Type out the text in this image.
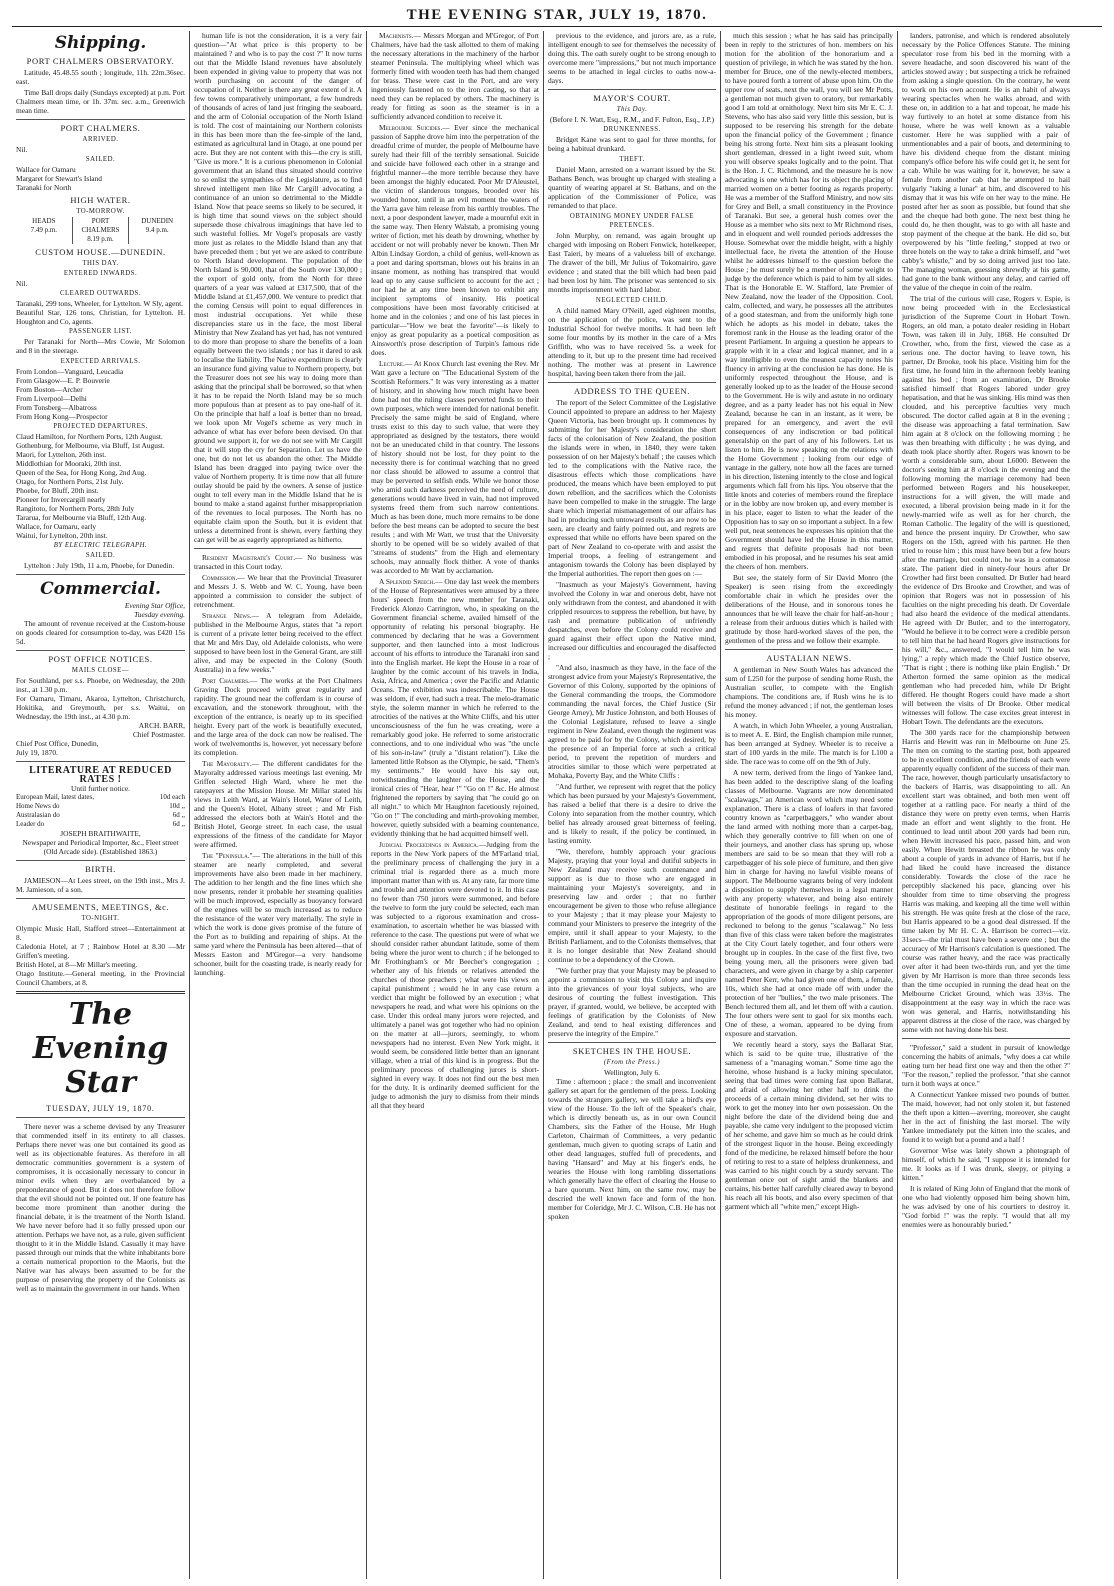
THE EVENING STAR, JULY 19, 1870.
Shipping.
PORT CHALMERS OBSERVATORY.

Latitude, 45.48.55 south ; longitude, 11h. 22m.36sec. east.

Time Ball drops daily (Sundays excepted) at p.m. Port Chalmers mean time, or 1h. 37m. sec. a.m., Greenwich mean time.

PORT CHALMERS.
ARRIVED.
Nil.
SAILED.
Wallace for Oamaru
Margaret for Stewart's Island
Taranaki for North
HIGH WATER.
TO-MORROW.
HEADS
7.49 p.m.
PORT CHALMERS
8.19 p.m.
DUNEDIN
9.4 p.m.
CUSTOM HOUSE.—DUNEDIN.
THIS DAY.
ENTERED INWARDS.
Nil.
CLEARED OUTWARDS.
Taranaki, 299 tons, Wheeler, for Lyttelton. W Sly, agent.
Beautiful Star, 126 tons, Christian, for Lyttelton. H. Houghton and Co, agents.
PASSENGER LIST.

Per Taranaki for North—Mrs Cowie, Mr Solomon and 8 in the steerage.

EXPECTED ARRIVALS.
From London—Vanguard, Leucadia
From Glasgow—E. P. Bouverie
From Boston—Archer
From Liverpool—Delhi
From Tonsberg—Albatross
From Hong Kong—Prospector
PROJECTED DEPARTURES.
Claud Hamilton, for Northern Ports, 12th August.
Gothenburg, for Melbourne, via Bluff, 1st August.
Maori, for Lyttelton, 26th inst.
Middlothian for Mooraki, 20th inst.
Queen of the Sea, for Hong Kong, 2nd Aug.
Otago, for Northern Ports, 21st July.
Phoebe, for Bluff, 20th inst.
Pioneer for Invercargill nearly
Rangitoto, for Northern Ports, 28th July
Tararua, for Melbourne via Bluff, 12th Aug.
Wallace, for Oamaru, early
Waitui, for Lyttelton, 20th inst.
BY ELECTRIC TELEGRAPH.
SAILED.

Lyttelton : July 19th, 11 a.m, Phoebe, for Dunedin.

Commercial.
Evening Star Office,
Tuesday evening.

The amount of revenue received at the Custom-house on goods cleared for consumption to-day, was £420 15s 5d.

POST OFFICE NOTICES.
MAILS CLOSE—
For Southland, per s.s. Phoebe, on Wednesday, the 20th inst., at 1.30 p.m.
For Oamaru, Timaru, Akaroa, Lyttelton, Christchurch, Hokitika, and Greymouth, per s.s. Waitui, on Wednesday, the 19th inst., at 4.30 p.m.
ARCH. BARR,
Chief Postmaster.
Chief Post Office, Dunedin,
July 19, 1870.
LITERATURE AT REDUCED RATES !
Until further notice.
European Mail, latest dates,	10d each
Home News do	10d ,,
Australasian do	6d ,,
Leader do	6d ,,
JOSEPH BRAITHWAITE,
Newspaper and Periodical Importer, &c., Fleet street (Old Arcade side). (Established 1863.)
BIRTH.

JAMIESON—At Lees street, on the 19th inst., Mrs J. M. Jamieson, of a son.

AMUSEMENTS, MEETINGS, &c.
TO-NIGHT.
Olympic Music Hall, Stafford street—Entertainment at 8.
Caledonia Hotel, at 7 ; Rainbow Hotel at 8.30 —Mr Griffen's meeting.
British Hotel, at 8—Mr Millar's meeting.
Otago Institute.—General meeting, in the Provincial Council Chambers, at 8.
The Evening Star
TUESDAY, JULY 19, 1870.

There never was a scheme devised by any Treasurer that commended itself in its entirety to all classes. Perhaps there never was one but contained its good as well as its objectionable features. As therefore in all democratic communities government is a system of compromises, it is occasionally necessary to concur in minor evils when they are overbalanced by a preponderance of good. But it does not therefore follow that the evil should not be pointed out. If one feature has become more prominent than another during the financial debate, it is the treatment of the North Island. We have never before had it so fully pressed upon our attention. Perhaps we have not, as a rule, given sufficient thought to it in the Middle Island. Casually it may have passed through our minds that the white inhabitants bore a certain numerical proportion to the Maoris, but the Native war has always been assumed to be for the purpose of preserving the property of the Colonists as well as to maintain the government in our hands. When

human life is not the consideration, it is a very fair question—"At what price is this property to be maintained ? and who is to pay the cost ?" It now turns out that the Middle Island revenues have absolutely been expended in giving value to property that was not worth purchasing on account of the danger of occupation of it. Neither is there any great extent of it. A few towns comparatively unimportant, a few hundreds of thousands of acres of land just fringing the seaboard, and the arm of Colonial occupation of the North Island is told. The cost of maintaining our Northern colonists in this has been more than the fee-simple of the land, estimated as agricultural land in Otago, at one pound per acre. But they are not content with this—the cry is still, "Give us more." It is a curious phenomenon in Colonial government that an island thus situated should contrive to so enlist the sympathies of the Legislature, as to find shrewd intelligent men like Mr Cargill advocating a continuance of an union so detrimental to the Middle Island. Now that peace seems so likely to be secured, it is high time that sound views on the subject should supersede those chivalrous imaginings that have led to such wasteful follies. Mr Vogel's proposals are vastly more just as relates to the Middle Island than any that have preceded them ; but yet we are asked to contribute to North Island development. The population of the North Island is 90,000, that of the South over 130,000 ; the export of gold only, from the North for three quarters of a year was valued at £317,500, that of the Middle Island at £1,457,000. We venture to predict that the coming Census will point to equal differences in most industrial occupations. Yet while these discrepancies stare us in the face, the most liberal Ministry that New Zealand has yet had, has not ventured to do more than propose to share the benefits of a loan equally between the two islands ; nor has it dared to ask to localise the liability. The Native expenditure is clearly an insurance fund giving value to Northern property, but the Treasurer does not see his way to doing more than asking that the principal shall be borrowed, so that when it has to be repaid the North Island may be so much more populous than at present as to pay one-half of it. On the principle that half a loaf is better than no bread, we look upon Mr Vogel's scheme as very much in advance of what has ever before been devised. On that ground we support it, for we do not see with Mr Cargill that it will stop the cry for Separation. Let us have the one, but do not let us abandon the other. The Middle Island has been dragged into paying twice over the value of Northern property. It is time now that all future outlay should be paid by the owners. A sense of justice ought to tell every man in the Middle Island that he is bound to make a stand against further misappropriation of the revenues to local purposes. The North has no equitable claim upon the South, but it is evident that unless a determined front is shewn, every farthing they can get will be as eagerly appropriated as hitherto.

Resident Magistrate's Court.— No business was transacted in this Court today.

Commission.— We hear that the Provincial Treasurer and Messrs J. S. Webb and W. C. Young, have been appointed a commission to consider the subject of retrenchment.

Strange News.— A telegram from Adelaide, published in the Melbourne Argus, states that "a report is current of a private letter being received to the effect that Mr and Mrs Day, old Adelaide colonists, who were supposed to have been lost in the General Grant, are still alive, and may be expected in the Colony (South Australia) in a few weeks."

Port Chalmers.— The works at the Port Chalmers Graving Dock proceed with great regularity and rapidity. The ground near the cofferdam is in course of excavation, and the stonework throughout, with the exception of the entrance, is nearly up to its specified height. Every part of the work is beautifully executed, and the large area of the dock can now be realised. The work of twelvemonths is, however, yet necessary before its completion.

The Mayoralty.— The different candidates for the Mayoralty addressed various meetings last evening. Mr Griffen selected High Ward, where he met the ratepayers at the Mission House. Mr Millar stated his views in Leith Ward, at Wain's Hotel, Water of Leith, and the Queen's Hotel, Albany street ; and Mr Fish addressed the electors both at Wain's Hotel and the British Hotel, George street. In each case, the usual expressions of the fitness of the candidate for Mayor were affirmed.

The "Peninsula."— The alterations in the hull of this steamer are nearly completed, and several improvements have also been made in her machinery. The addition to her length and the fine lines which she now presents, render it probable her steaming qualities will be much improved, especially as buoyancy forward of the engines will be so much increased as to reduce the resistance of the water very materially. The style in which the work is done gives promise of the future of the Port as to building and repairing of ships. At the same yard where the Peninsula has been altered—that of Messrs Easton and M'Gregor—a very handsome schooner, built for the coasting trade, is nearly ready for launching.

Machinists.— Messrs Morgan and M'Gregor, of Port Chalmers, have had the task allotted to them of making the necessary alterations in the machinery of the harbor steamer Peninsula. The multiplying wheel which was formerly fitted with wooden teeth has had them changed for brass. These were cast in the Port, and are very ingeniously fastened on to the iron casting, so that at need they can be replaced by others. The machinery is ready for fitting as soon as the steamer is in a sufficiently advanced condition to receive it.

Melbourne Suicides.— Ever since the mechanical passion of Sapphe drove him into the perpetration of the dreadful crime of murder, the people of Melbourne have surely had their fill of the terribly sensational. Suicide and suicide have followed each other in a strange and frightful manner—the more terrible because they have been amongst the highly educated. Poor Mr D'Aleustel, the victim of slanderous tongues, brooded over his wounded honor, until in an evil moment the waters of the Yarra gave him release from his earthly troubles. The next, a poor despondent lawyer, made a mournful exit in the same way. Then Henry Walstab, a promising young writer of fiction, met his death by drowning, whether by accident or not will probably never be known. Then Mr Albin Lindsay Gordon, a child of genius, well-known as a poet and daring sportsman, blows out his brains in an insane moment, as nothing has transpired that would lead up to any cause sufficient to account for the act ; nor had he at any time been known to exhibit any incipient symptoms of insanity. His poetical compositions have been most favorably criticised at home and in the colonies ; and one of his last pieces in particular—"How we beat the favorite"—is likely to enjoy as great popularity as a poetical composition as Ainsworth's prose description of Turpin's famous ride does.

Lecture.— At Knox Church last evening the Rev. Mr Watt gave a lecture on "The Educational System of the Scottish Reformers." It was very interesting as a matter of history, and in showing how much might have been done had not the ruling classes perverted funds to their own purposes, which were intended for national benefit. Precisely the same might be said of England, where trusts exist to this day to such value, that were they appropriated as designed by the testators, there would not be an uneducated child in that country. The lessons of history should not be lost, for they point to the necessity there is for continual watching that no greed nor class should be allowed to assume a control that may be perverted to selfish ends. While we honor those who amid such darkness perceived the need of culture, generations would have lived in vain, had not improved systems freed them from such narrow contentions. Much as has been done, much more remains to be done before the best means can be adopted to secure the best results ; and with Mr Watt, we trust that the University shortly to be opened will be so widely availed of that "streams of students" from the High and elementary schools, may annually flock thither. A vote of thanks was accorded to Mr Watt by acclamation.

A Splendid Speech.— One day last week the members of the House of Representatives were amused by a three hours' speech from the new member for Taranaki, Frederick Alonzo Carrington, who, in speaking on the Government financial scheme, availed himself of the opportunity of relating his personal biography. He commenced by declaring that he was a Government supporter, and then launched into a most ludicrous account of his efforts to introduce the Taranaki iron sand into the English market. He kept the House in a roar of laughter by the comic account of his travels in India, Asia, Africa, and America ; over the Pacific and Atlantic Oceans. The exhibition was indescribable. The House was seldom, if ever, had such a treat. The melo-dramatic style, the solemn manner in which he referred to the atrocities of the natives at the White Cliffs, and his utter unconsciousness of the fun he was creating, were a remarkably good joke. He referred to some aristocratic connections, and to one individual who was "the uncle of his son-in-law" (truly a "distant relation"). Like the lamented little Robson as the Olympic, he said, "Them's my sentiments." He would have his say out, notwithstanding the laughter of the House, and the ironical cries of "Hear, hear !" "Go on !" &c. He almost frightened the reporters by saying that "he could go on all night." to which Mr Haughton facetiously rejoined, "Go on !" The concluding and mirth-provoking member, however, quietly subsided with a beaming countenance, evidently thinking that he had acquitted himself well.

Judicial Proceedings in America.—Judging from the reports in the New York papers of the M'Farland trial, the preliminary process of challenging the jury in a criminal trial is regarded there as a much more important matter than with us. At any rate, far more time and trouble and attention were devoted to it. In this case no fewer than 750 jurors were summoned, and before the twelve to form the jury could be selected, each man was subjected to a rigorous examination and cross-examination, to ascertain whether he was biassed with reference to the case. The questions put were of what we should consider rather abundant latitude, some of them being where the juror went to church ; if he belonged to Mr Frothingham's or Mr Beecher's congregation ; whether any of his friends or relatives attended the churches of those preachers ; what were his views on capital punishment ; would he in any case return a verdict that might be followed by an execution ; what newspapers he read, and what were his opinions on the case. Under this ordeal many jurors were rejected, and ultimately a panel was got together who had no opinion on the matter at all—jurors, seemingly, to whom newspapers had no interest. Even New York might, it would seem, be considered little better than an ignorant village, when a trial of this kind is in progress. But the preliminary process of challenging jurors is short-sighted in every way. It does not find out the best men for the duty. It is ordinarily deemed sufficient for the judge to admonish the jury to dismiss from their minds all that they heard

previous to the evidence, and jurors are, as a rule, intelligent enough to see for themselves the necessity of doing this. The oath surely ought to be strong enough to overcome mere "impressions," but not much importance seems to be attached in legal circles to oaths now-a-days.

MAYOR'S COURT.
This Day.
(Before I. N. Watt, Esq., R.M., and F. Fulton, Esq., J.P.)
DRUNKENNESS.

Bridget Kane was sent to gaol for three months, for being a habitual drunkard.

THEFT.

Daniel Mann, arrested on a warrant issued by the St. Bathans Bench, was brought up charged with stealing a quantity of wearing apparel at St. Bathans, and on the application of the Commissioner of Police, was remanded to that place.

OBTAINING MONEY UNDER FALSE PRETENCES.

John Murphy, on remand, was again brought up charged with imposing on Robert Fenwick, hotelkeeper, East Taieri, by means of a valueless bill of exchange. The drawer of the bill, Mr Julius of Tokomairiro, gave evidence ; and stated that the bill which had been paid had been lost by him. The prisoner was sentenced to six months imprisonment with hard labor.

NEGLECTED CHILD.

A child named Mary O'Neill, aged eighteen months, on the application of the police, was sent to the Industrial School for twelve months. It had been left some four months by its mother in the care of a Mrs Griffith, who was to have received 5s. a week for attending to it, but up to the present time had received nothing. The mother was at present in Lawrence hospital, having been taken there from the jail.

ADDRESS TO THE QUEEN.

The report of the Select Committee of the Legislative Council appointed to prepare an address to her Majesty Queen Victoria, has been brought up. It commences by submitting for her Majesty's consideration the short facts of the colonisation of New Zealand, the position the islands were in when, in 1840, they were taken possession of on her Majesty's behalf ; the causes which led to the complications with the Native race, the disastrous effects which those complications have produced, the means which have been employed to put down rebellion, and the sacrifices which the Colonists have been compelled to make in the struggle. The large share which imperial mismanagement of our affairs has had in producing such untoward results as are now to be seen, are clearly and fairly pointed out, and regrets are expressed that while no efforts have been spared on the part of New Zealand to co-operate with and assist the Imperial troops, a feeling of estrangement and antagonism towards the Colony has been displayed by the Imperial authorities. The report then goes on :—

"Inasmuch as your Majesty's Government, having involved the Colony in war and onerous debt, have not only withdrawn from the contest, and abandoned it with crippled resources to suppress the rebellion, but have, by rash and premature publication of unfriendly despatches, even before the Colony could receive and guard against their effect upon the Native mind, increased our difficulties and encouraged the disaffected ;

"And also, inasmuch as they have, in the face of the strongest advice from your Majesty's Representative, the Governor of this Colony, supported by the opinions of the General commanding the troops, the Commodore commanding the naval forces, the Chief Justice (Sir George Arney), Mr Justice Johnston, and both Houses of the Colonial Legislature, refused to leave a single regiment in New Zealand, even though the regiment was agreed to be paid for by the Colony, which desired, by the presence of an Imperial force at such a critical period, to prevent the repetition of murders and atrocities similar to those which were perpetrated at Mohaka, Poverty Bay, and the White Cliffs :

"And further, we represent with regret that the policy which has been pursued by your Majesty's Government, has raised a belief that there is a desire to drive the Colony into separation from the mother country, which belief has already aroused great bitterness of feeling, and is likely to result, if the policy be continued, in lasting enmity.

"We, therefore, humbly approach your gracious Majesty, praying that your loyal and dutiful subjects in New Zealand may receive such countenance and support as is due to those who are engaged in maintaining your Majesty's sovereignty, and in preserving law and order ; that no further encouragement be given to those who refuse allegiance to your Majesty ; that it may please your Majesty to command your Ministers to preserve the integrity of the empire, until it shall appear to your Majesty, to the British Parliament, and to the Colonists themselves, that it is no longer desirable that New Zealand should continue to be a dependency of the Crown.

"We further pray that your Majesty may be pleased to appoint a commission to visit this Colony and inquire into the grievances of your loyal subjects, who are desirous of courting the fullest investigation. This prayer, if granted, would, we believe, be accepted with feelings of gratification by the Colonists of New Zealand, and tend to heal existing differences and preserve the integrity of the Empire."

SKETCHES IN THE HOUSE.
(From the Press.)
Wellington, July 6.

Time : afternoon ; place : the small and inconvenient gallery set apart for the gentlemen of the press. Looking towards the strangers gallery, we will take a bird's eye view of the House. To the left of the Speaker's chair, which is directly beneath us, as in our own Council Chambers, sits the Father of the House, Mr Hugh Carleton, Chairman of Committees, a very pedantic gentleman, much given to quoting scraps of Latin and other dead languages, stuffed full of precedents, and having "Hansard" and May at his finger's ends, he wearies the House with long rambling dissertations which generally have the effect of clearing the House to a bare quorum. Next him, on the same row, may be descried the well known face and form of the hon. member for Coleridge, Mr J. C. Wilson, C.B. He has not spoken

much this session ; what he has said has principally been in reply to the strictures of hon. members on his motion for the abolition of the honorarium and a question of privilege, in which he was stated by the hon. member for Bruce, one of the newly-elected members, to have poured forth a torrent of abuse upon him. On the upper row of seats, next the wall, you will see Mr Potts, a gentleman not much given to oratory, but remarkably good I am told at ornithology. Next him sits Mr E. C. J. Stevens, who has also said very little this session, but is supposed to be reserving his strength for the debate upon the financial policy of the Government ; finance being his strong forte. Next him sits a pleasant looking short gentleman, dressed in a light tweed suit, whom you will observe speaks logically and to the point. That is the Hon. J. C. Richmond, and the measure he is now advocating is one which has for its object the placing of married women on a better footing as regards property. He was a member of the Stafford Ministry, and now sits for Grey and Bell, a small constituency in the Province of Taranaki. But see, a general hush comes over the House as a member who sits next to Mr Richmond rises, and in eloquent and well rounded periods addresses the House. Somewhat over the middle height, with a highly intellectual face, he riveta the attention of the House whilst he addresses himself to the question before the House ; he must surely be a member of some weight to judge by the deference which is paid to him by all sides. That is the Honorable E. W. Stafford, late Premier of New Zealand, now the leader of the Opposition. Cool, calm, collected, and wary, he possesses all the attributes of a good statesman, and from the uniformly high tone which he adopts as his model in debate, takes the foremost rank in the House as the leading orator of the present Parliament. In arguing a question he appears to grapple with it in a clear and logical manner, and in a way intelligible to even the meanest capacity notes his fluency in arriving at the conclusion he has done. He is uniformly respected throughout the House, and is generally looked up to as the leader of the House second to the Government. He is wily and astute in no ordinary degree, and as a party leader has not his equal in New Zealand, because he can in an instant, as it were, be prepared for an emergency, and avert the evil consequences of any indiscretion or bad political generalship on the part of any of his followers. Let us listen to him. He is now speaking on the relations with the Home Government ; looking from our edge of vantage in the gallery, note how all the faces are turned in his direction, listening intently to the close and logical arguments which fall from his lips. You observe that the little knots and coteries of members round the fireplace or in the lobby are now broken up, and every member is in his place, eager to listen to what the leader of the Opposition has to say on so important a subject. In a few well put, neat sentences he expresses his opinion that the Government should have led the House in this matter, and regrets that definite proposals had not been embodied in his proposal, and he resumes his seat amid the cheers of hon. members.

But see, the stately form of Sir David Monro (the Speaker) is seen rising from the exceedingly comfortable chair in which he presides over the deliberations of the House, and in sonorous tones he announces that he will leave the chair for half-an-hour ; a release from their arduous duties which is hailed with gratitude by those hard-worked slaves of the pen, the gentlemen of the press and we follow their example.

AUSTALIAN NEWS.

A gentleman in New South Wales has advanced the sum of L250 for the purpose of sending home Rush, the Australian sculler, to compete with the English champions. The conditions are, if Rush wins he is to refund the money advanced ; if not, the gentleman loses his money.

A watch, in which John Wheeler, a young Australian, is to meet A. E. Bird, the English champion mile runner, has been arranged at Sydney. Wheeler is to receive a start of 100 yards in the mile. The match is for L100 a side. The race was to come off on the 9th of July.

A new term, derived from the lingo of Yankee land, has been added to the descriptive slang of the loafing classes of Melbourne. Vagrants are now denominated "scalawags," an American word which may need some explanation. There is a class of loafers in that favored country known as "carpetbaggers," who wander about the land armed with nothing more than a carpet-bag, which they generally contrive to fill when on one of their journeys, and another class has sprung up, whose members are said to be so mean that they will rob a carpetbagger of his sole piece of furniture, and then give him in charge for having no lawful visible means of support. The Melbourne vagrants being of very indolent a disposition to supply themselves in a legal manner with any property whatever, and being also entirely destitute of honorable feelings in regard to the appropriation of the goods of more diligent persons, are reckoned to belong to the genus "scalawag." No less than five of this class were taken before the magistrates at the City Court lately together, and four others were brought up in couples. In the case of the first five, two being young men, all the prisoners were given bad characters, and were given in charge by a ship carpenter named Peter Kerr, who had given one of them, a female, 10s, which she had at once made off with under the protection of her "bullies," the two male prisoners. The Bench lectured them all, and let them off with a caution. The four others were sent to gaol for six months each. One of these, a woman, appeared to be dying from exposure and starvation.

We recently heard a story, says the Ballarat Star, which is said to be quite true, illustrative of the sameness of a "managing woman." Some time ago the heroine, whose husband is a lucky mining speculator, seeing that bad times were coming fast upon Ballarat, and afraid of allowing her other half to drink the proceeds of a certain mining dividend, set her wits to work to get the money into her own possession. On the night before the date of the dividend being due and payable, she came very indulgent to the proposed victim of her scheme, and gave him so much as he could drink of the strongest liquor in the house. Being exceedingly fond of the medicine, he relaxed himself before the hour of retiring to rest to a state of helpless drunkenness, and was carried to his night couch by a sturdy servant. The gentleman once out of sight amid the blankets and curtains, his better half carefully cleared away to beyond his reach all his boots, and also every specimen of that garment which all "white men," except High-

landers, patronise, and which is rendered absolutely necessary by the Police Offences Statute. The mining speculator rose from his bed in the morning with a severe headache, and soon discovered his want of the articles stowed away ; but suspecting a trick he refrained from asking a single question. On the contrary, he went to work on his own account. He is an habit of always wearing spectacles when he walks abroad, and with these on, in addition to a hat and topcoat, he made his way furtively to an hotel at some distance from his house, where he was well known as a valuable customer. Here he was supplied with a pair of unmentionables and a pair of boots, and determining to have his dividend cheque from the distant mining company's office before his wife could get it, he sent for a cab. While he was waiting for it, however, he saw a female from another cab that he attempted to hail vulgarly "taking a lunar" at him, and discovered to his dismay that it was his wife on her way to the mine. He posted after her as soon as possible, but found that she and the cheque had both gone. The next best thing he could do, he then thought, was to go with all haste and stop payment of the cheque at the bank. He did so, but overpowered by his "little feeling," stopped at two or three hotels on the way to take a drink himself, and "wet cabby's whistle," and by so doing arrived just too late. The managing woman, guessing shrewdly at his game, had gone to the bank without any delay, and carried off the value of the cheque in coin of the realm.

The trial of the curious will case, Rogers v. Espie, is now being proceeded with in the Ecclesiastical jurisdiction of the Supreme Court in Hobart Town. Rogers, an old man, a potato dealer residing in Hobart Town, was taken ill in July, 1868. He consulted Dr Crowther, who, from the first, viewed the case as a serious one. The doctor having to leave town, his partner, Dr Brooke, took his place. Visiting him for the first time, he found him in the afternoon feebly leaning against his bed ; from an examination, Dr Brooke satisfied himself that Rogers labored under grey hepatisation, and that he was sinking. His mind was then clouded, and his perceptive faculties very much obscured. The doctor called again at 8 in the evening ; the disease was approaching a fatal termination. Saw him again at 8 o'clock on the following morning ; he was then breathing with difficulty ; he was dying, and death took place shortly after. Rogers was known to be worth a considerable sum, about L6000. Between the doctor's seeing him at 8 o'clock in the evening and the following morning the marriage ceremony had been performed between Rogers and his housekeeper, instructions for a will given, the will made and executed, a liberal provision being made in it for the newly-married wife as well as for her church, the Roman Catholic. The legality of the will is questioned, and hence the present inquiry. Dr Crowther, who saw Rogers on the 15th, agreed with his partner. He then tried to rouse him ; this must have been but a few hours after the marriage, but could not, he was in a comatose state. The patient died in ninety-four hours after Dr Crowther had first been consulted. Dr Butler had heard the evidence of Drs Brooke and Crowther, and was of opinion that Rogers was not in possession of his faculties on the night preceding his death. Dr Coverdale had also heard the evidence of the medical attendants. He agreed with Dr Butler, and to the interrogatory, "Would he believe it to be correct were a credible person to tell him that he had heard Rogers give instructions for his will," &c., answered, "I would tell him he was lying," a reply which made the Chief Justice observe, "That is right ; there is nothing like plain English." Dr Atherton formed the same opinion as the medical gentleman who had preceded him, while Dr Bright differed. He thought Rogers could have made a short will between the visits of Dr Brooke. Other medical witnesses will follow. The case excites great interest in Hobart Town. The defendants are the executors.

The 300 yards race for the championship between Harris and Hewitt was run in Melbourne on June 25. The men on coming to the starting post, both appeared to be in excellent condition, and the friends of each were apparently equally confident of the success of their man. The race, however, though particularly unsatisfactory to the backers of Harris, was disappointing to all. An excellent start was obtained, and both men went off together at a rattling pace. For nearly a third of the distance they were on pretty even terms, when Harris made an effort and went slightly to the front. He continued to lead until about 200 yards had been run, when Hewitt increased his pace, passed him, and won easily. When Hewitt breasted the ribbon he was only about a couple of yards in advance of Harris, but if he had liked he could have increased the distance considerably. Towards the close of the race he perceptibly slackened his pace, glancing over his shoulder from time to time observing the progress Harris was making, and keeping all the time well within his strength. He was quite fresh at the close of the race, but Harris appeared to be a good deal distressed. If the time taken by Mr H. C. A. Harrison be correct—viz. 31secs—the trial must have been a severe one ; but the accuracy of Mr Harrison's calculation is questioned. The course was rather heavy, and the race was practically over after it had been two-thirds run, and yet the time given by Mr Harrison is more than three seconds less than the time occupied in running the dead heat on the Melbourne Cricket Ground, which was 33½s. The disappointment at the easy way in which the race was won was general, and Harris, notwithstanding his apparent distress at the close of the race, was charged by some with not having done his best.

"Professor," said a student in pursuit of knowledge concerning the habits of animals, "why does a cat while eating turn her head first one way and then the other ?" "For the reason," replied the professor, "that she cannot turn it both ways at once."

A Connecticut Yankee missed two pounds of butter. The maid, however, had not only stolen it, but fastened the theft upon a kitten—averring, moreover, she caught her in the act of finishing the last morsel. The wily Yankee immediately put the kitten into the scales, and found it to weigh but a pound and a half !

Governor Wise was lately shown a photograph of himself, of which he said, "I suppose it is intended for me. It looks as if I was drunk, sleepy, or pitying a kitten."

It is related of King John of England that the monk of one who had violently opposed him being shown him, he was advised by one of his courtiers to destroy it. "God forbid !" was the reply. "I would that all my enemies were as honourably buried."
